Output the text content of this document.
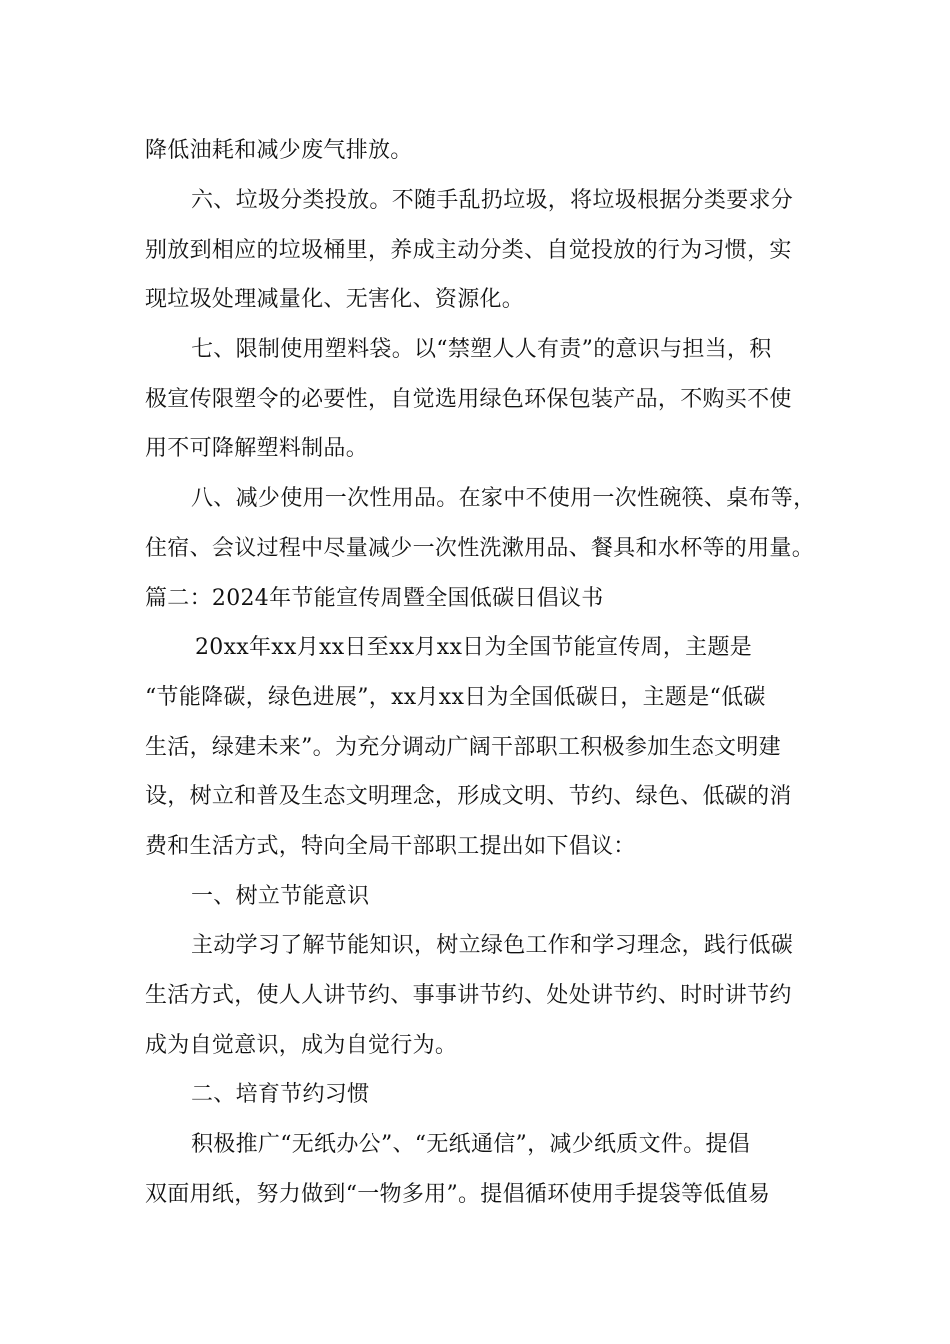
降低油耗和减少废气排放。
六、垃圾分类投放。不随手乱扔垃圾，将垃圾根据分类要求分
别放到相应的垃圾桶里，养成主动分类、自觉投放的行为习惯，实
现垃圾处理减量化、无害化、资源化。
七、限制使用塑料袋。以“禁塑人人有责”的意识与担当，积
极宣传限塑令的必要性，自觉选用绿色环保包装产品，不购买不使
用不可降解塑料制品。
八、减少使用一次性用品。在家中不使用一次性碗筷、桌布等，
住宿、会议过程中尽量减少一次性洗漱用品、餐具和水杯等的用量。
篇二：2024年节能宣传周暨全国低碳日倡议书
20xx年xx月xx日至xx月xx日为全国节能宣传周，主题是
“节能降碳，绿色进展”，xx月xx日为全国低碳日，主题是“低碳
生活，绿建未来”。为充分调动广阔干部职工积极参加生态文明建
设，树立和普及生态文明理念，形成文明、节约、绿色、低碳的消
费和生活方式，特向全局干部职工提出如下倡议：
一、树立节能意识
主动学习了解节能知识，树立绿色工作和学习理念，践行低碳
生活方式，使人人讲节约、事事讲节约、处处讲节约、时时讲节约
成为自觉意识，成为自觉行为。
二、培育节约习惯
积极推广“无纸办公”、“无纸通信”，减少纸质文件。提倡
双面用纸，努力做到“一物多用”。提倡循环使用手提袋等低值易
